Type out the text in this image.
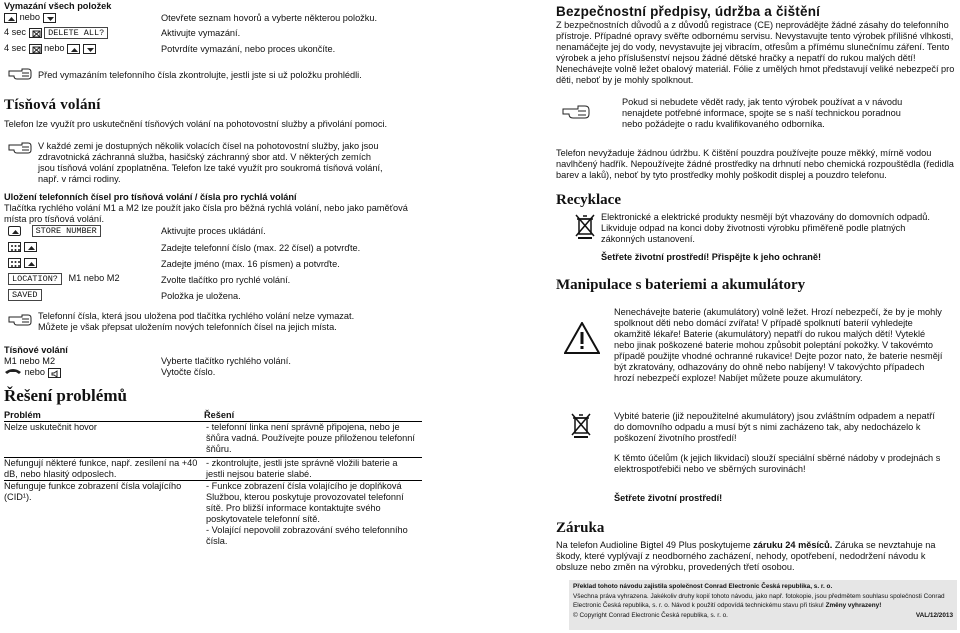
Vymazání všech položek
nebo	Otevřete seznam hovorů a vyberte některou položku.
4 sec	DELETE ALL?	Aktivujte vymazání.
4 sec nebo
	Potvrdíte vymazání, nebo proces ukončíte.
Před vymazáním telefonního čísla zkontrolujte, jestli jste si už položku prohlédli.
Tísňová volání
Telefon lze využít pro uskutečnění tísňových volání na pohotovostní služby a přivolání pomoci.
V každé zemi je dostupných několik volacích čísel na pohotovostní služby, jako jsou zdravotnická záchranná služba, hasičský záchranný sbor atd. V některých zemích jsou tísňová volání zpoplatněna. Telefon lze také využít pro soukromá tísňová volání, např. v rámci rodiny.
Uložení telefonních čísel pro tísňová volání / čísla pro rychlá volání
Tlačítka rychlého volání M1 a M2 lze použít jako čísla pro běžná rychlá volání, nebo jako paměťová místa pro tísňová volání.
STORE NUMBER	Aktivujte proces ukládání.

Zadejte telefonní číslo (max. 22 čísel) a potvrďte.

Zadejte jméno (max. 16 písmen) a potvrďte.
LOCATION? M1 nebo M2	Zvolte tlačítko pro rychlé volání.
SAVED	Položka je uložena.
Telefonní čísla, která jsou uložena pod tlačítka rychlého volání nelze vymazat. Můžete je však přepsat uložením nových telefonních čísel na jejich místa.
Tísňové volání
M1 nebo M2	Vyberte tlačítko rychlého volání.
nebo	Vytočte číslo.
Řešení problémů
Problém	Řešení
Nelze uskutečnit hovor	- telefonní linka není správně připojena, nebo je šňůra vadná. Používejte pouze přiloženou telefonní šňůru.
Nefungují některé funkce, např. zesílení na +40 dB, nebo hlasitý odposlech.
- zkontrolujte, jestli jste správně vložili baterie a jestli nejsou baterie slabé.
Nefunguje funkce zobrazení čísla volajícího (CID¹).
- Funkce zobrazení čísla volajícího je doplňková Službou, kterou poskytuje provozovatel telefonní sítě. Pro bližší informace kontaktujte svého poskytovatele telefonní sítě.
- Volající nepovolil zobrazování svého telefonního čísla.
Bezpečnostní předpisy, údržba a čištění
Z bezpečnostních důvodů a z důvodů registrace (CE) neprovádějte žádné zásahy do telefonního přístroje. Případné opravy svěřte odbornému servisu. Nevystavujte tento výrobek přílišné vlhkosti, nenamáčejte jej do vody, nevystavujte jej vibracím, otřesům a přímému slunečnímu záření. Tento výrobek a jeho příslušenství nejsou žádné dětské hračky a nepatří do rukou malých dětí! Nenechávejte volně ležet obalový materiál. Fólie z umělých hmot představují veliké nebezpečí pro děti, neboť by je mohly spolknout.
Pokud si nebudete vědět rady, jak tento výrobek používat a v návodu nenajdete potřebné informace, spojte se s naší technickou poradnou nebo požádejte o radu kvalifikovaného odborníka.
Telefon nevyžaduje žádnou údržbu. K čištění pouzdra používejte pouze měkký, mírně vodou navlhčený hadřík. Nepoužívejte žádné prostředky na drhnutí nebo chemická rozpouštědla (ředidla barev a laků), neboť by tyto prostředky mohly poškodit displej a pouzdro telefonu.
Recyklace
Elektronické a elektrické produkty nesmějí být vhazovány do domovních odpadů. Likviduje odpad na konci doby životnosti výrobku přiměřeně podle platných zákonných ustanovení.
Šetřete životní prostředí! Přispějte k jeho ochraně!
Manipulace s bateriemi a akumulátory
Nenechávejte baterie (akumulátory) volně ležet. Hrozí nebezpečí, že by je mohly spolknout děti nebo domácí zvířata! V případě spolknutí baterií vyhledejte okamžitě lékaře! Baterie (akumulátory) nepatří do rukou malých dětí! Vyteklé nebo jinak poškozené baterie mohou způsobit poleptání pokožky. V takovémto případě použijte vhodné ochranné rukavice! Dejte pozor nato, že baterie nesmějí být zkratovány, odhazovány do ohně nebo nabíjeny! V takovýchto případech hrozí nebezpečí explozе! Nabíjet můžete pouze akumulátory.
Vybité baterie (již nepoužitelné akumulátory) jsou zvláštním odpadem a nepatří do domovního odpadu a musí být s nimi zacházeno tak, aby nedocházelo k poškození životního prostředí!
K těmto účelům (k jejich likvidaci) slouží speciální sběrné nádoby v prodejnách s elektrospotřebiči nebo ve sběrných surovinách!
Šetřete životní prostředí!
Záruka
Na telefon Audioline Bigtel 49 Plus poskytujeme záruku 24 měsíců. Záruka se nevztahuje na škody, které vyplývají z neodborného zacházení, nehody, opotřebení, nedodržení návodu k obsluze nebo změn na výrobku, provedených třetí osobou.
Překlad tohoto návodu zajistila společnost Conrad Electronic Česká republika, s. r. o.
Všechna práva vyhrazena. Jakékoliv druhy kopií tohoto návodu, jako např. fotokopie, jsou předmětem souhlasu společnosti Conrad Electronic Česká republika, s. r. o. Návod k použití odpovídá technickému stavu při tisku! Změny vyhrazeny!
© Copyright Conrad Electronic Česká republika, s. r. o.	VAL/12/2013
